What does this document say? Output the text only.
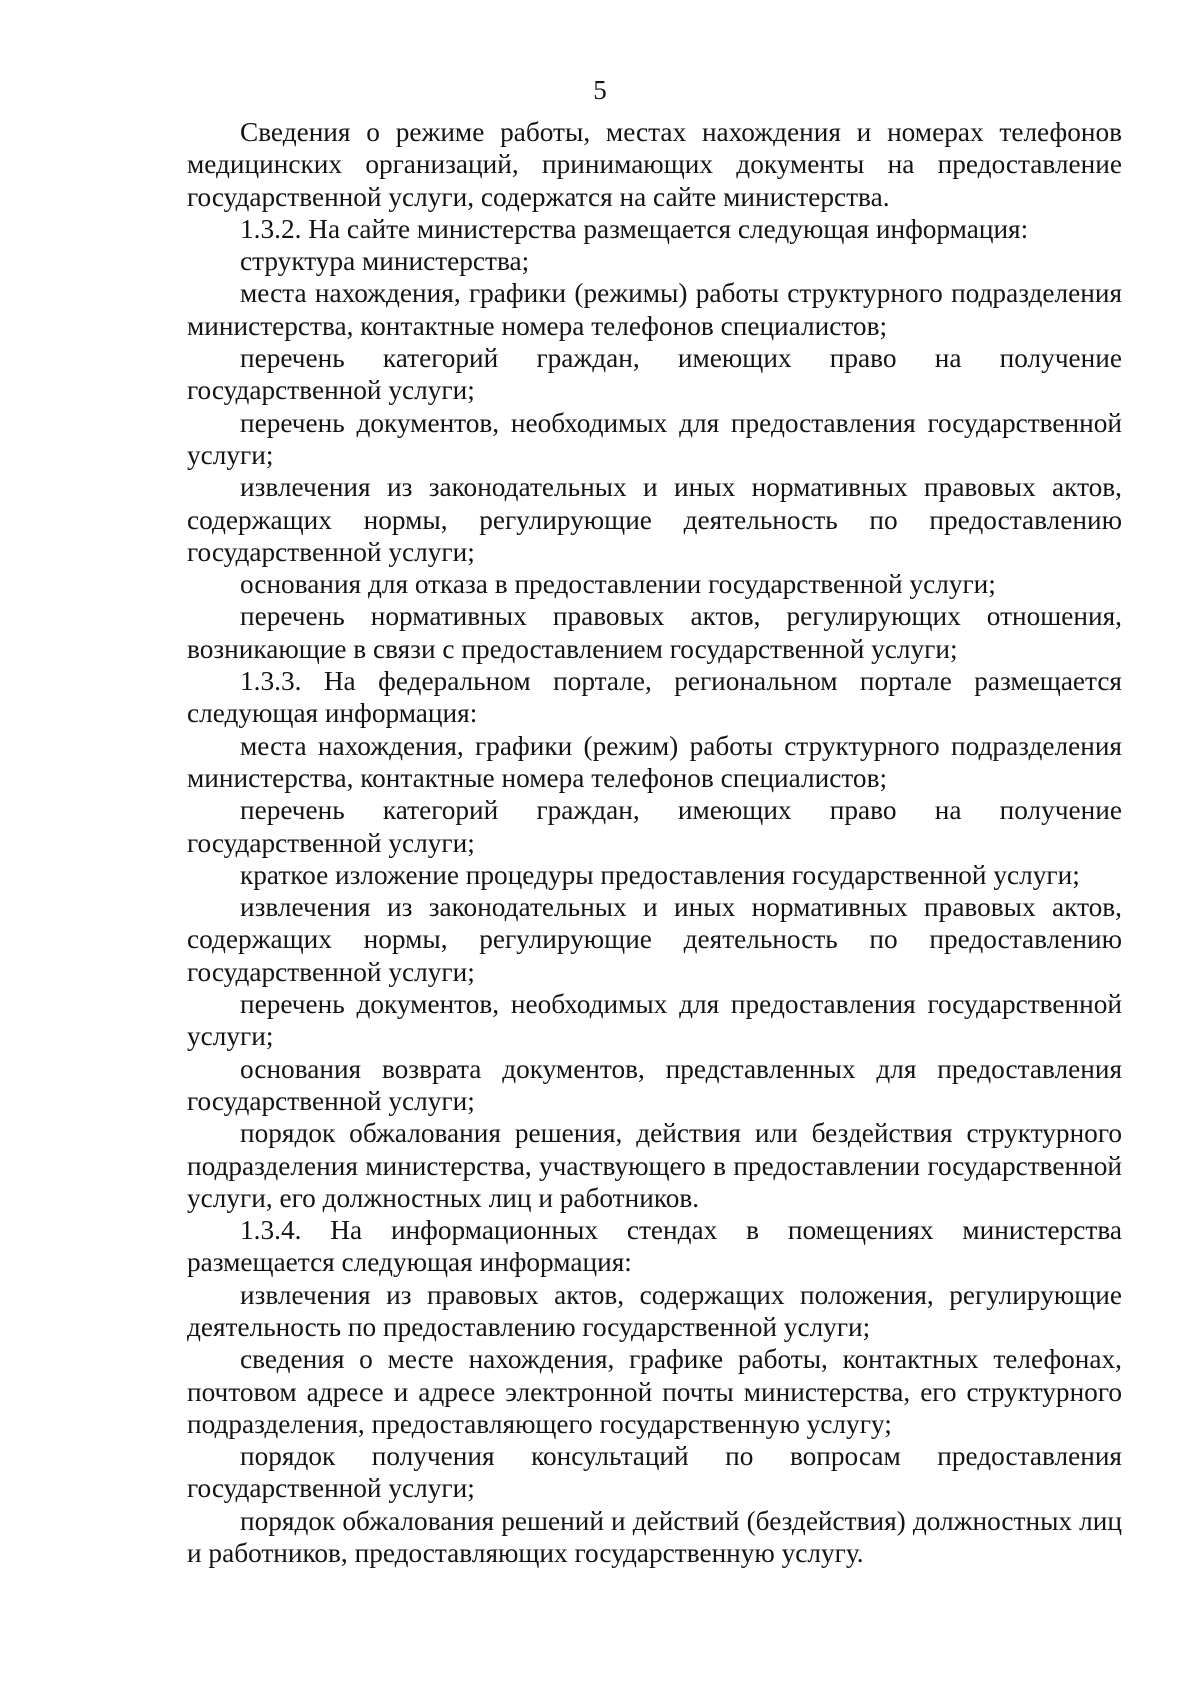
5

Сведения о режиме работы, местах нахождения и номерах телефонов медицинских организаций, принимающих документы на предоставление государственной услуги, содержатся на сайте министерства.

1.3.2. На сайте министерства размещается следующая информация:

структура министерства;

места нахождения, графики (режимы) работы структурного подразделения министерства, контактные номера телефонов специалистов;

перечень категорий граждан, имеющих право на получение государственной услуги;

перечень документов, необходимых для предоставления государственной услуги;

извлечения из законодательных и иных нормативных правовых актов, содержащих нормы, регулирующие деятельность по предоставлению государственной услуги;

основания для отказа в предоставлении государственной услуги;

перечень нормативных правовых актов, регулирующих отношения, возникающие в связи с предоставлением государственной услуги;

1.3.3. На федеральном портале, региональном портале размещается следующая информация:

места нахождения, графики (режим) работы структурного подразделения министерства, контактные номера телефонов специалистов;

перечень категорий граждан, имеющих право на получение государственной услуги;

краткое изложение процедуры предоставления государственной услуги;

извлечения из законодательных и иных нормативных правовых актов, содержащих нормы, регулирующие деятельность по предоставлению государственной услуги;

перечень документов, необходимых для предоставления государственной услуги;

основания возврата документов, представленных для предоставления государственной услуги;

порядок обжалования решения, действия или бездействия структурного подразделения министерства, участвующего в предоставлении государственной услуги, его должностных лиц и работников.

1.3.4. На информационных стендах в помещениях министерства размещается следующая информация:

извлечения из правовых актов, содержащих положения, регулирующие деятельность по предоставлению государственной услуги;

сведения о месте нахождения, графике работы, контактных телефонах, почтовом адресе и адресе электронной почты министерства, его структурного подразделения, предоставляющего государственную услугу;

порядок получения консультаций по вопросам предоставления государственной услуги;

порядок обжалования решений и действий (бездействия) должностных лиц и работников, предоставляющих государственную услугу.
